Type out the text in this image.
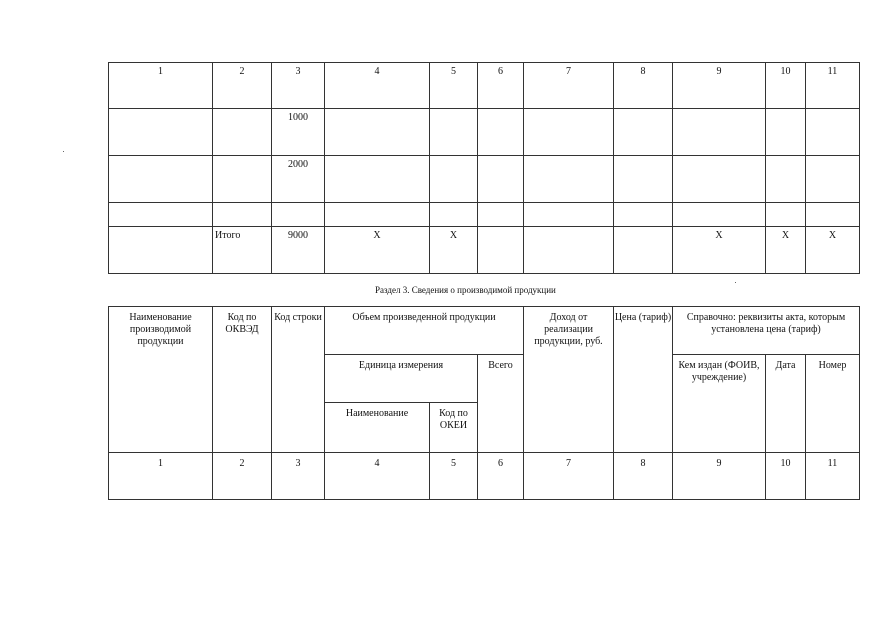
1	2	3	4	5	6	7	8	9	10	11
		1000								
		2000								

	Итого	9000	X	X				X	X	X
Раздел 3. Сведения о производимой продукции
Наименование производимой продукции	Код по ОКВЭД	Код строки	Объем произведенной продукции			Доход от реализации продукции, руб.	Цена (тариф)	Справочно: реквизиты акта, которым установлена цена (тариф)		
			Единица измерения		Всего			Кем издан (ФОИВ, учреждение)	Дата	Номер
			Наименование	Код по ОКЕИ						
1	2	3	4	5	6	7	8	9	10	11
